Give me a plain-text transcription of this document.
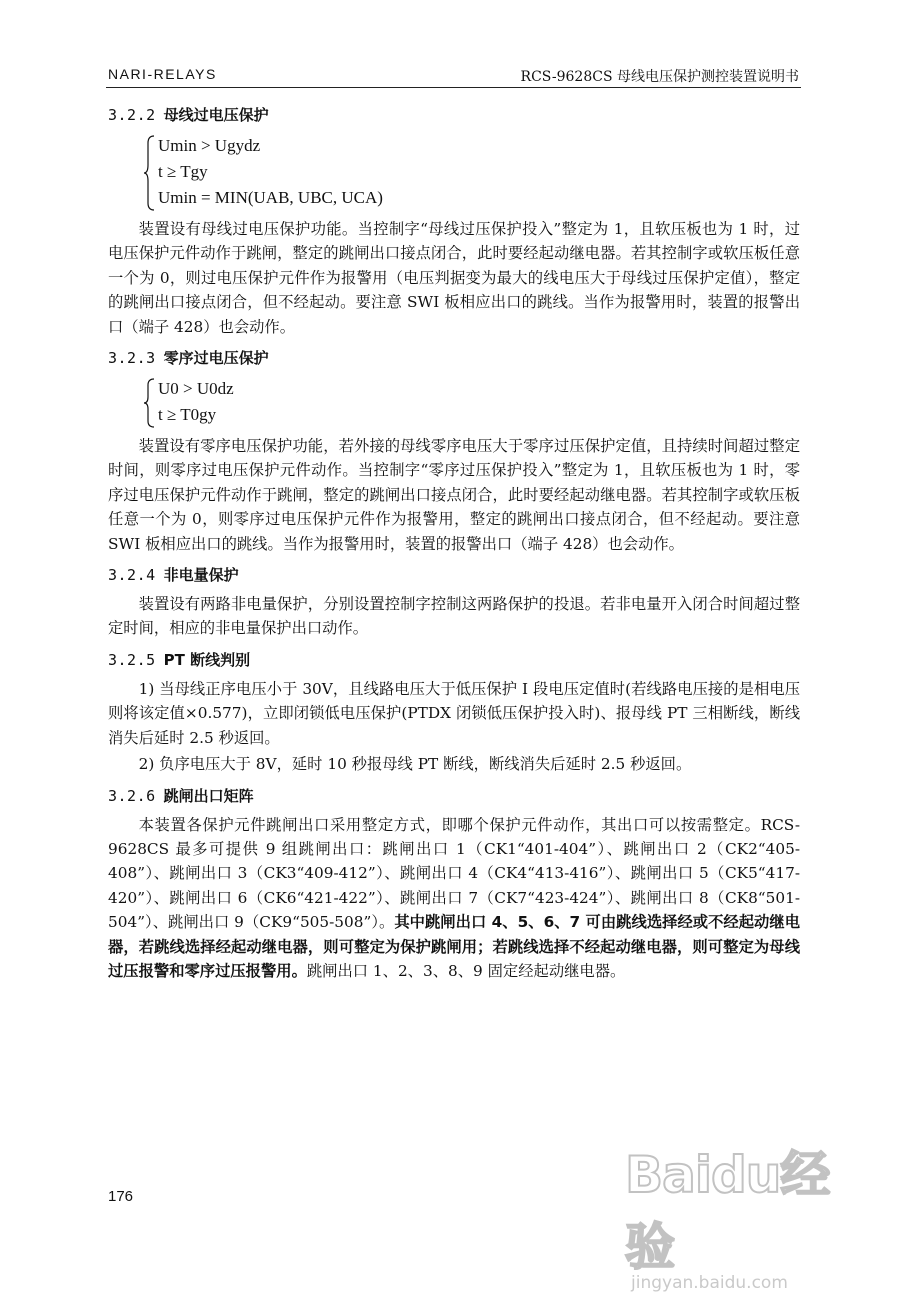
NARI-RELAYS	RCS-9628CS 母线电压保护测控装置说明书
3.2.2 母线过电压保护
Umin > Ugydz
t ≥ Tgy
Umin = MIN(UAB, UBC, UCA)

装置设有母线过电压保护功能。当控制字“母线过压保护投入”整定为 1，且软压板也为 1 时，过电压保护元件动作于跳闸，整定的跳闸出口接点闭合，此时要经起动继电器。若其控制字或软压板任意一个为 0，则过电压保护元件作为报警用（电压判据变为最大的线电压大于母线过压保护定值），整定的跳闸出口接点闭合，但不经起动。要注意 SWI 板相应出口的跳线。当作为报警用时，装置的报警出口（端子 428）也会动作。

3.2.3 零序过电压保护
U0 > U0dz
t ≥ T0gy

装置设有零序电压保护功能，若外接的母线零序电压大于零序过压保护定值，且持续时间超过整定时间，则零序过电压保护元件动作。当控制字“零序过压保护投入”整定为 1，且软压板也为 1 时，零序过电压保护元件动作于跳闸，整定的跳闸出口接点闭合，此时要经起动继电器。若其控制字或软压板任意一个为 0，则零序过电压保护元件作为报警用，整定的跳闸出口接点闭合，但不经起动。要注意 SWI 板相应出口的跳线。当作为报警用时，装置的报警出口（端子 428）也会动作。

3.2.4 非电量保护

装置设有两路非电量保护，分别设置控制字控制这两路保护的投退。若非电量开入闭合时间超过整定时间，相应的非电量保护出口动作。

3.2.5 PT 断线判别

1) 当母线正序电压小于 30V，且线路电压大于低压保护 I 段电压定值时(若线路电压接的是相电压则将该定值×0.577)，立即闭锁低电压保护(PTDX 闭锁低压保护投入时)、报母线 PT 三相断线，断线消失后延时 2.5 秒返回。

2) 负序电压大于 8V，延时 10 秒报母线 PT 断线，断线消失后延时 2.5 秒返回。

3.2.6 跳闸出口矩阵

本装置各保护元件跳闸出口采用整定方式，即哪个保护元件动作，其出口可以按需整定。RCS-9628CS 最多可提供 9 组跳闸出口：跳闸出口 1（CK1“401-404”）、跳闸出口 2（CK2“405-408”）、跳闸出口 3（CK3“409-412”）、跳闸出口 4（CK4“413-416”）、跳闸出口 5（CK5“417-420”）、跳闸出口 6（CK6“421-422”）、跳闸出口 7（CK7“423-424”）、跳闸出口 8（CK8“501-504”）、跳闸出口 9（CK9“505-508”）。其中跳闸出口 4、5、6、7 可由跳线选择经或不经起动继电器，若跳线选择经起动继电器，则可整定为保护跳闸用；若跳线选择不经起动继电器，则可整定为母线过压报警和零序过压报警用。跳闸出口 1、2、3、8、9 固定经起动继电器。

176	Baidu经验
jingyan.baidu.com
